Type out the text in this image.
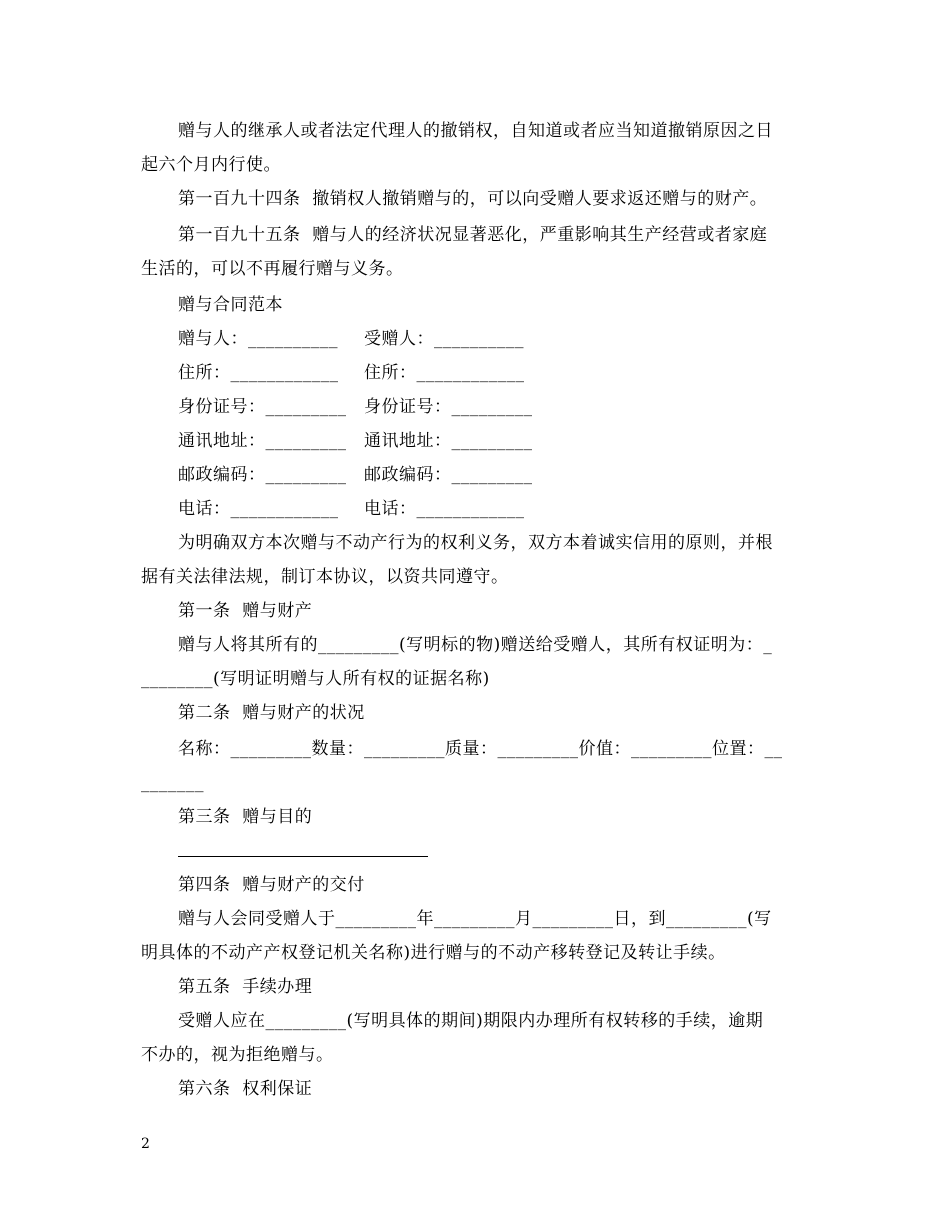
赠与人的继承人或者法定代理人的撤销权，自知道或者应当知道撤销原因之日
起六个月内行使。
第一百九十四条  撤销权人撤销赠与的，可以向受赠人要求返还赠与的财产。
第一百九十五条  赠与人的经济状况显著恶化，严重影响其生产经营或者家庭
生活的，可以不再履行赠与义务。
赠与合同范本
赠与人：__________ 受赠人：__________
住所：____________ 住所：____________
身份证号：_________ 身份证号：_________
通讯地址：_________ 通讯地址：_________
邮政编码：_________ 邮政编码：_________
电话：____________ 电话：____________
为明确双方本次赠与不动产行为的权利义务，双方本着诚实信用的原则，并根
据有关法律法规，制订本协议，以资共同遵守。
第一条  赠与财产
赠与人将其所有的_________(写明标的物)赠送给受赠人，其所有权证明为：_
________(写明证明赠与人所有权的证据名称)
第二条  赠与财产的状况
名称：_________数量：_________质量：_________价值：_________位置：__
_______
第三条  赠与目的
第四条  赠与财产的交付
赠与人会同受赠人于_________年_________月_________日，到_________(写
明具体的不动产产权登记机关名称)进行赠与的不动产移转登记及转让手续。
第五条  手续办理
受赠人应在_________(写明具体的期间)期限内办理所有权转移的手续，逾期
不办的，视为拒绝赠与。
第六条  权利保证
2
